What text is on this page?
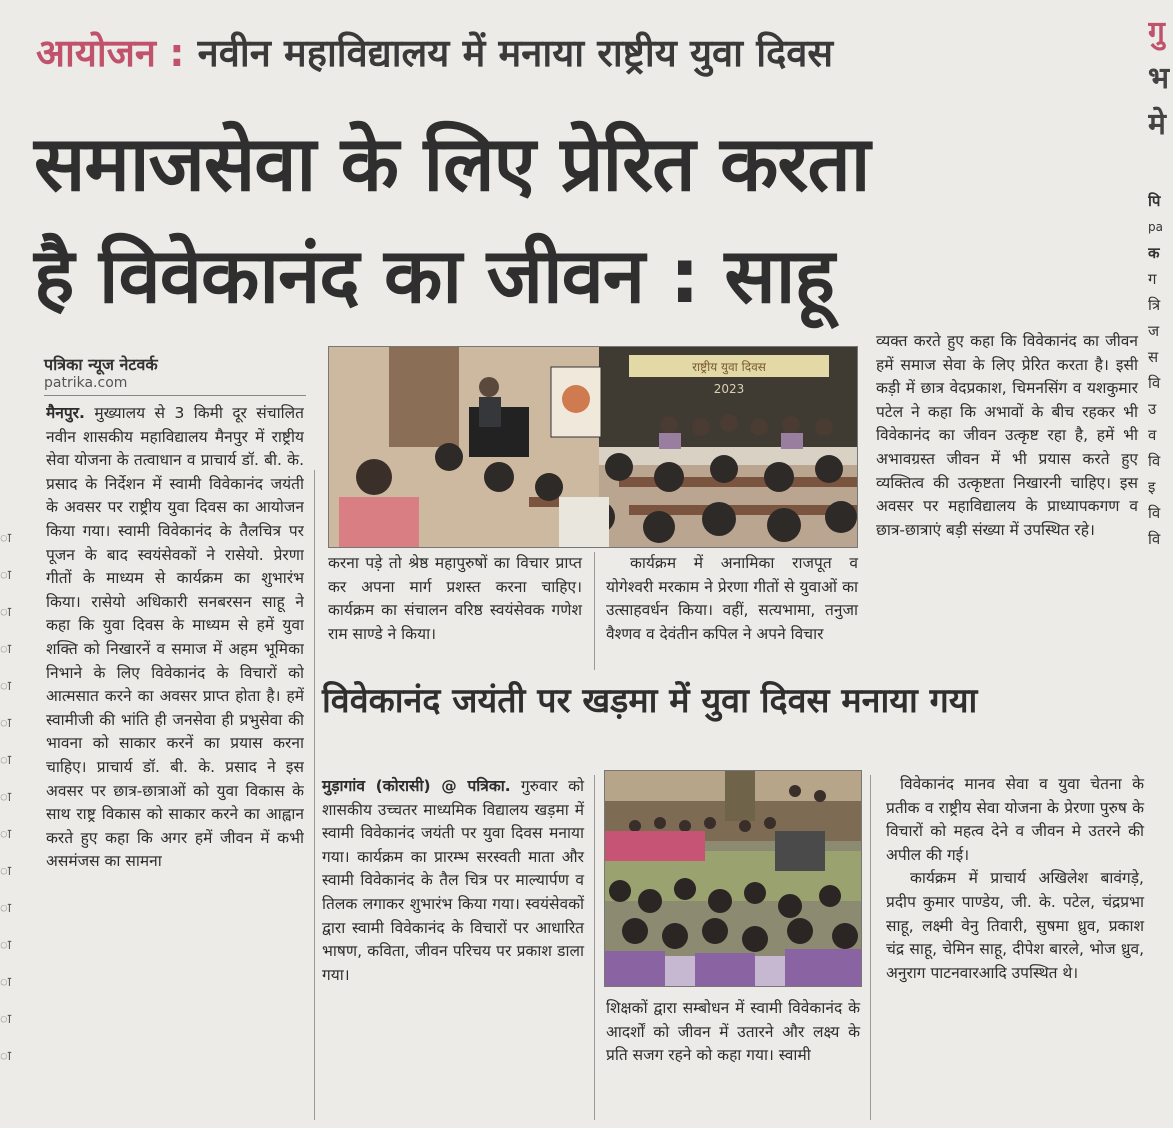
ा
ा
ा
ा
ा
ा
ा
ा
ा
ा
ा
ा
ा
ा
ा
गु
भ
मे
पि
pa
क
ग
त्रि
ज
स
वि
उ
व
वि
इ
वि
वि
आयोजन : नवीन महाविद्यालय में मनाया राष्ट्रीय युवा दिवस
समाजसेवा के लिए प्रेरित करता
है विवेकानंद का जीवन : साहू
पत्रिका न्यूज नेटवर्क
patrika.com

मैनपुर. मुख्यालय से 3 किमी दूर संचालित नवीन शासकीय महाविद्यालय मैनपुर में राष्ट्रीय सेवा योजना के तत्वाधान व प्राचार्य डॉ. बी. के. प्रसाद के निर्देशन में स्वामी विवेकानंद जयंती के अवसर पर राष्ट्रीय युवा दिवस का आयोजन किया गया। स्वामी विवेकानंद के तैलचित्र पर पूजन के बाद स्वयंसेवकों ने रासेयो. प्रेरणा गीतों के माध्यम से कार्यक्रम का शुभारंभ किया। रासेयो अधिकारी सनबरसन साहू ने कहा कि युवा दिवस के माध्यम से हमें युवा शक्ति को निखारनें व समाज में अहम भूमिका निभाने के लिए विवेकानंद के विचारों को आत्मसात करने का अवसर प्राप्त होता है। हमें स्वामीजी की भांति ही जनसेवा ही प्रभुसेवा की भावना को साकार करनें का प्रयास करना चाहिए। प्राचार्य डॉ. बी. के. प्रसाद ने इस अवसर पर छात्र-छात्राओं को युवा विकास के साथ राष्ट्र विकास को साकार करने का आह्वान करते हुए कहा कि अगर हमें जीवन में कभी असमंजस का सामना

राष्ट्रीय युवा दिवस
2023

करना पड़े तो श्रेष्ठ महापुरुषों का विचार प्राप्त कर अपना मार्ग प्रशस्त करना चाहिए। कार्यक्रम का संचालन वरिष्ठ स्वयंसेवक गणेश राम साण्डे ने किया।

कार्यक्रम में अनामिका राजपूत व योगेश्वरी मरकाम ने प्रेरणा गीतों से युवाओं का उत्साहवर्धन किया। वहीं, सत्यभामा, तनुजा वैश्णव व देवंतीन कपिल ने अपने विचार

व्यक्त करते हुए कहा कि विवेकानंद का जीवन हमें समाज सेवा के लिए प्रेरित करता है। इसी कड़ी में छात्र वेदप्रकाश, चिमनसिंग व यशकुमार पटेल ने कहा कि अभावों के बीच रहकर भी विवेकानंद का जीवन उत्कृष्ट रहा है, हमें भी अभावग्रस्त जीवन में भी प्रयास करते हुए व्यक्तित्व की उत्कृष्टता निखारनी चाहिए। इस अवसर पर महाविद्यालय के प्राध्यापकगण व छात्र-छात्राएं बड़ी संख्या में उपस्थित रहे।

विवेकानंद जयंती पर खड़मा में युवा दिवस मनाया गया

मुड़ागांव (कोरासी) @ पत्रिका. गुरुवार को शासकीय उच्चतर माध्यमिक विद्यालय खड़मा में स्वामी विवेकानंद जयंती पर युवा दिवस मनाया गया। कार्यक्रम का प्रारम्भ सरस्वती माता और स्वामी विवेकानंद के तैल चित्र पर माल्यार्पण व तिलक लगाकर शुभारंभ किया गया। स्वयंसेवकों द्वारा स्वामी विवेकानंद के विचारों पर आधारित भाषण, कविता, जीवन परिचय पर प्रकाश डाला गया।

शिक्षकों द्वारा सम्बोधन में स्वामी विवेकानंद के आदर्शों को जीवन में उतारने और लक्ष्य के प्रति सजग रहने को कहा गया। स्वामी

विवेकानंद मानव सेवा व युवा चेतना के प्रतीक व राष्ट्रीय सेवा योजना के प्रेरणा पुरुष के विचारों को महत्व देने व जीवन मे उतरने की अपील की गई।

कार्यक्रम में प्राचार्य अखिलेश बावंगड़े, प्रदीप कुमार पाण्डेय, जी. के. पटेल, चंद्रप्रभा साहू, लक्ष्मी वेनु तिवारी, सुषमा ध्रुव, प्रकाश चंद्र साहू, चेमिन साहू, दीपेश बारले, भोज ध्रुव, अनुराग पाटनवारआदि उपस्थित थे।
